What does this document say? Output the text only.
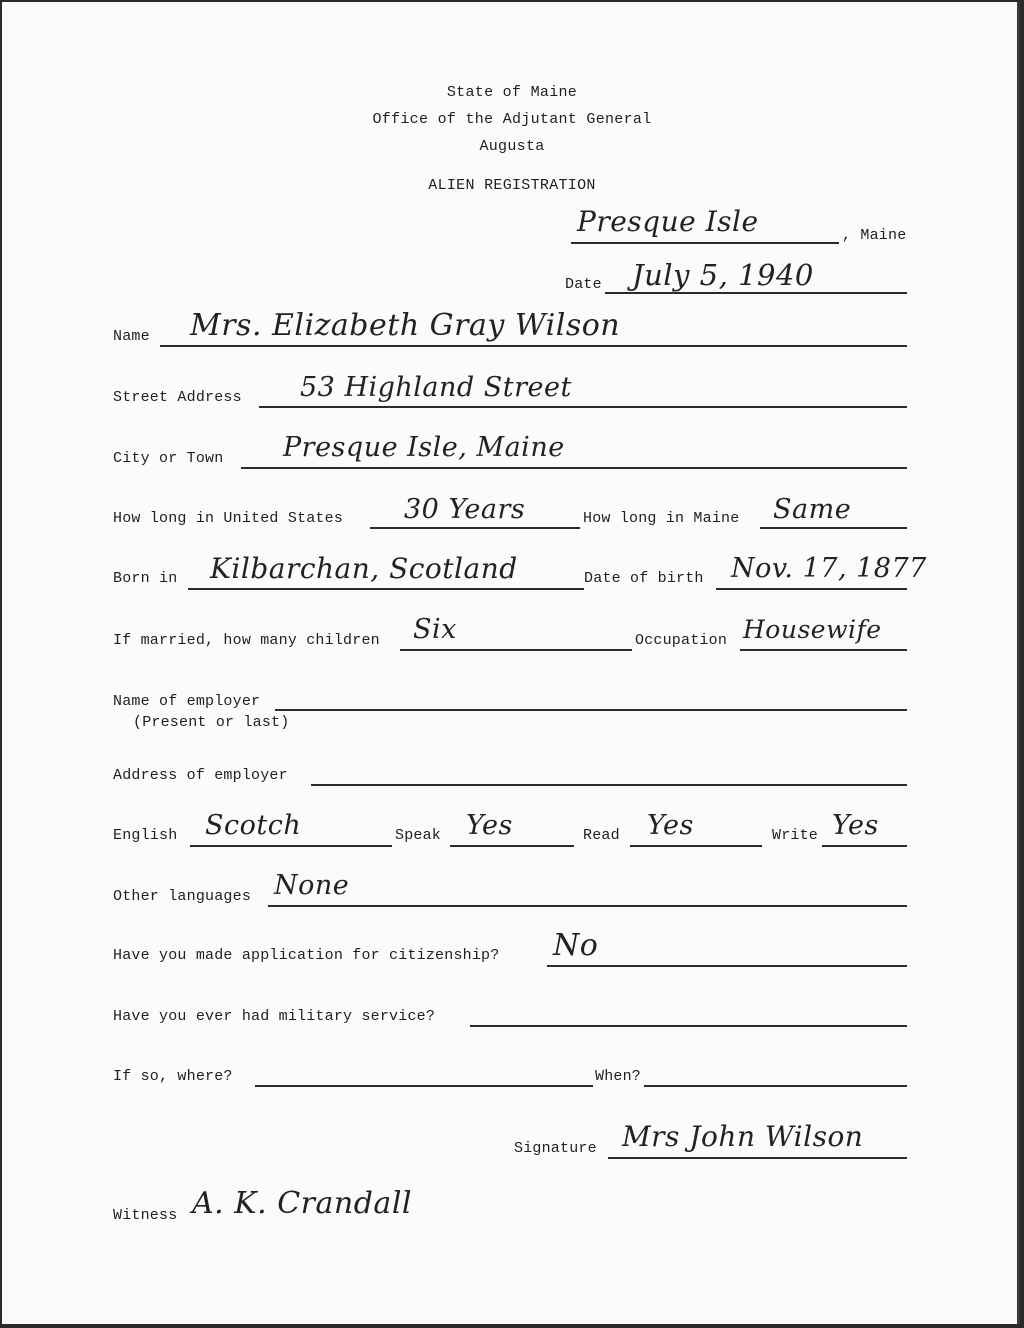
State of Maine
Office of the Adjutant General
Augusta
ALIEN REGISTRATION
Presque Isle	, Maine
Date July 5, 1940
Name Mrs. Elizabeth Gray Wilson
Street Address 53 Highland Street
City or Town Presque Isle, Maine
How long in United States 30 Years	How long in Maine Same
Born in Kilbarchan, Scotland	Date of birth Nov. 17, 1877
If married, how many children Six	Occupation Housewife
Name of employer
(Present or last)
Address of employer
English Scotch	Speak Yes	Read Yes	Write Yes
Other languages None
Have you made application for citizenship? No
Have you ever had military service?
If so, where?	When?
Signature Mrs John Wilson
Witness A. K. Crandall
